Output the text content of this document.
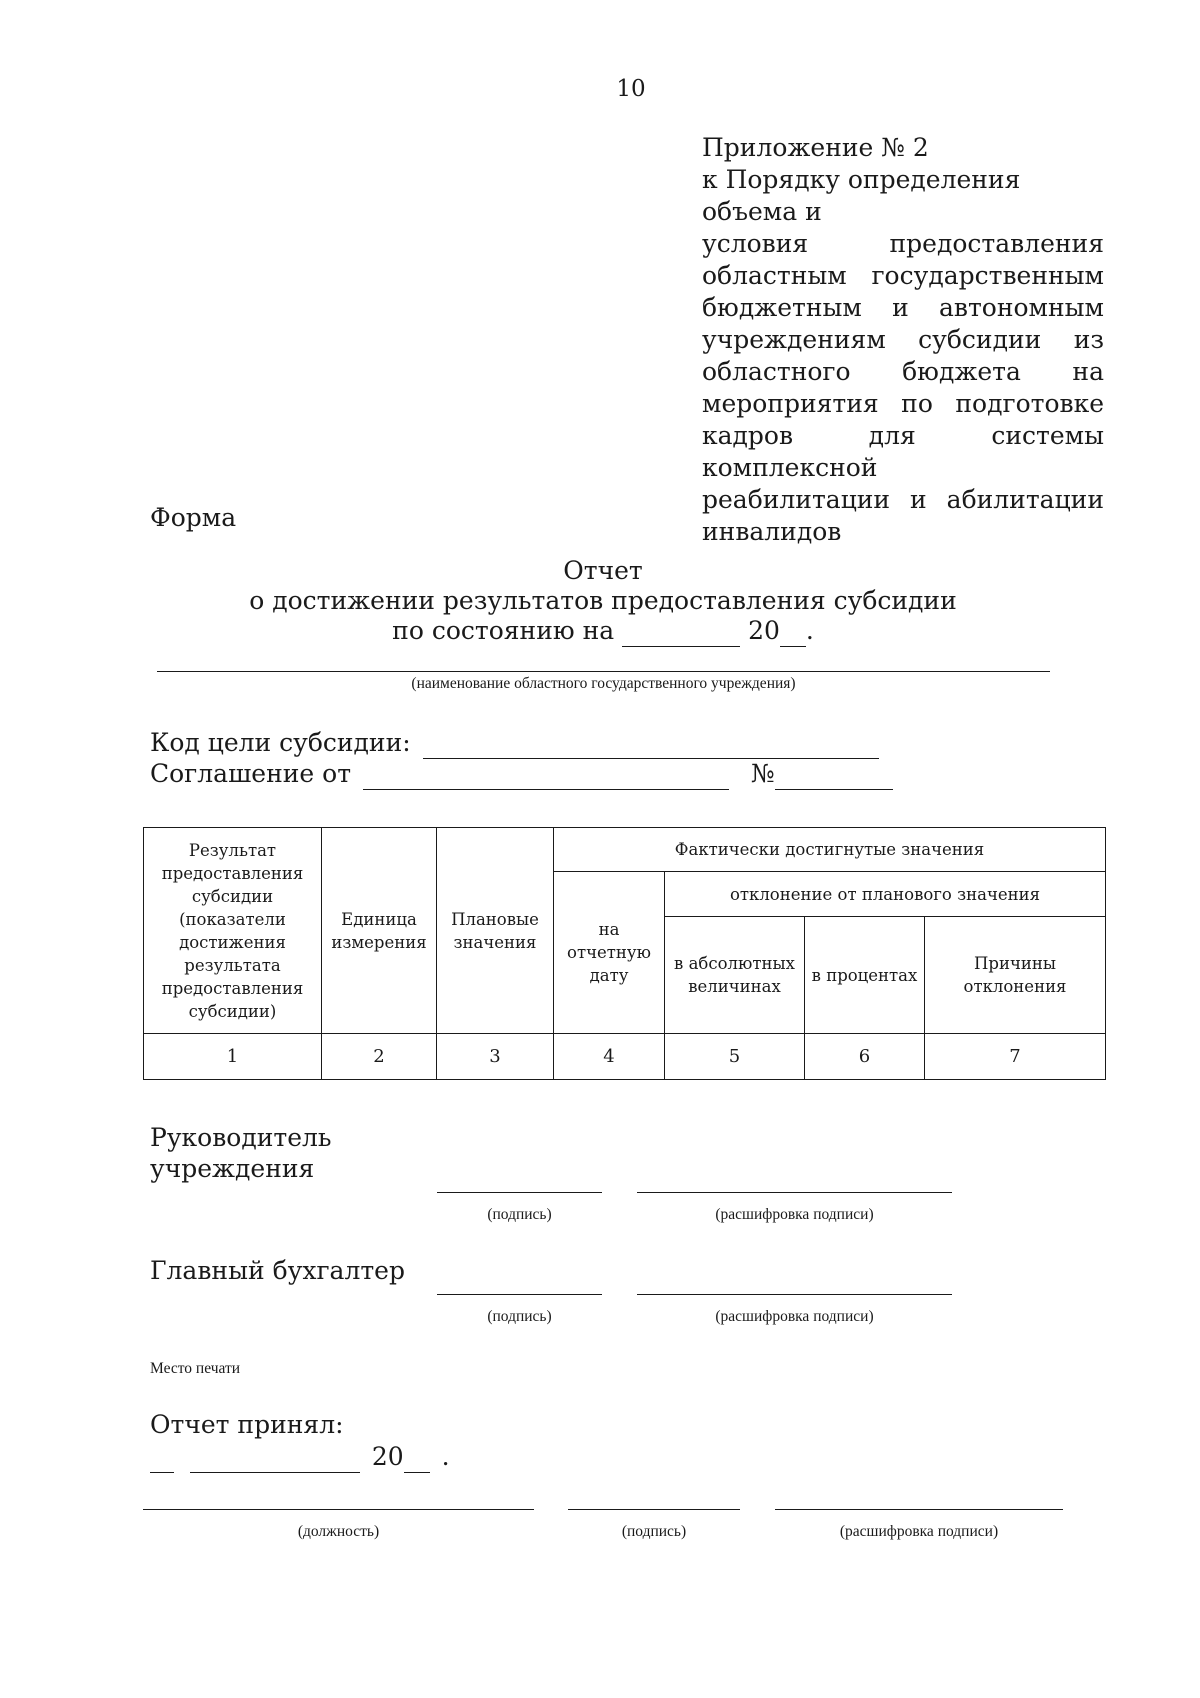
10
Приложение № 2
к Порядку определения объема и
условия предоставления
областным государственным
бюджетным и автономным
учреждениям субсидии из
областного бюджета на
мероприятия по подготовке
кадров для системы комплексной
реабилитации и абилитации
инвалидов
Форма
Отчет
о достижении результатов предоставления субсидии
по состоянию на	20 .
(наименование областного государственного учреждения)
Код цели субсидии:
Соглашение от	№
Результат предоставления субсидии (показатели достижения результата предоставления субсидии)	Единица измерения	Плановые значения	Фактически достигнутые значения			
			на отчетную дату	отклонение от планового значения		
				в абсолютных величинах	в процентах	Причины отклонения
1	2	3	4	5	6	7
Руководитель
учреждения
(подпись)	(расшифровка подписи)
Главный бухгалтер
(подпись)	(расшифровка подписи)
Место печати
Отчет принял:
20 .
(должность)	(подпись)	(расшифровка подписи)
